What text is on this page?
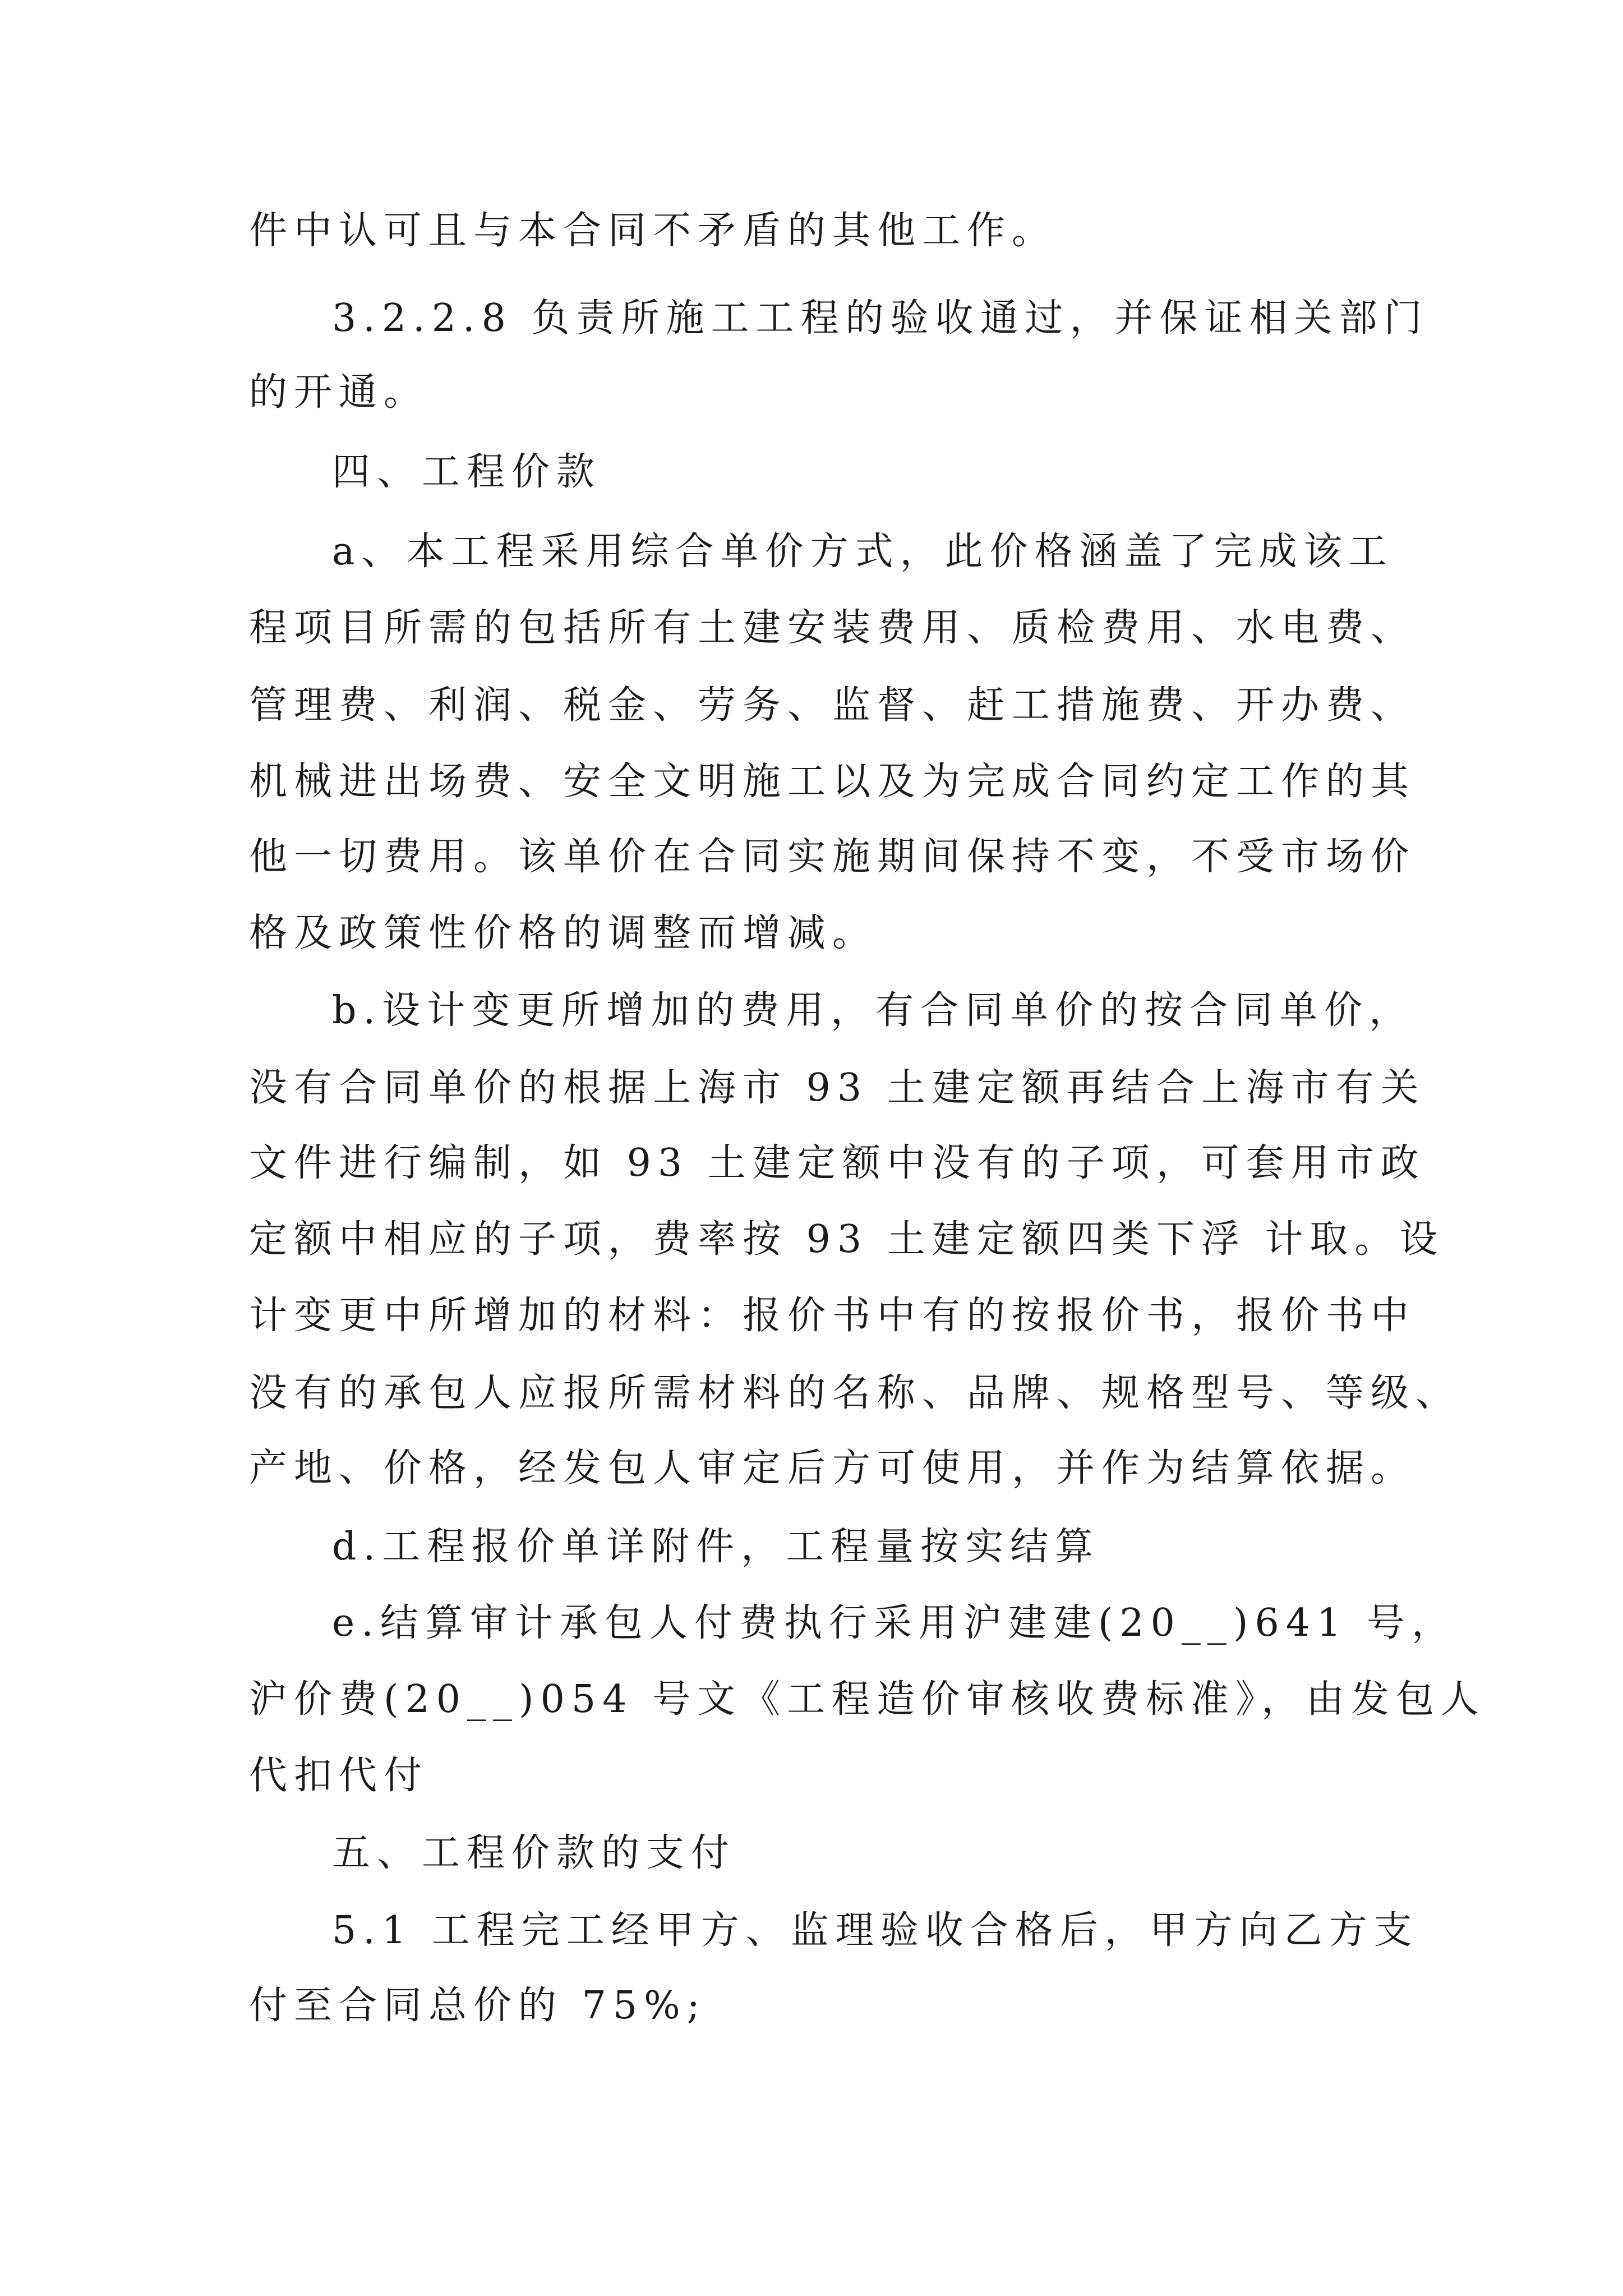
件中认可且与本合同不矛盾的其他工作。

3.2.2.8 负责所施工工程的验收通过，并保证相关部门

的开通。

四、工程价款

a、本工程采用综合单价方式，此价格涵盖了完成该工

程项目所需的包括所有土建安装费用、质检费用、水电费、

管理费、利润、税金、劳务、监督、赶工措施费、开办费、

机械进出场费、安全文明施工以及为完成合同约定工作的其

他一切费用。该单价在合同实施期间保持不变，不受市场价

格及政策性价格的调整而增减。

b.设计变更所增加的费用，有合同单价的按合同单价，

没有合同单价的根据上海市 93 土建定额再结合上海市有关

文件进行编制，如 93 土建定额中没有的子项，可套用市政

定额中相应的子项，费率按 93 土建定额四类下浮 计取。设

计变更中所增加的材料：报价书中有的按报价书，报价书中

没有的承包人应报所需材料的名称、品牌、规格型号、等级、

产地、价格，经发包人审定后方可使用，并作为结算依据。

d.工程报价单详附件，工程量按实结算

e.结算审计承包人付费执行采用沪建建(20__)641 号，

沪价费(20__)054 号文《工程造价审核收费标准》，由发包人

代扣代付

五、工程价款的支付

5.1 工程完工经甲方、监理验收合格后，甲方向乙方支

付至合同总价的 75%;
